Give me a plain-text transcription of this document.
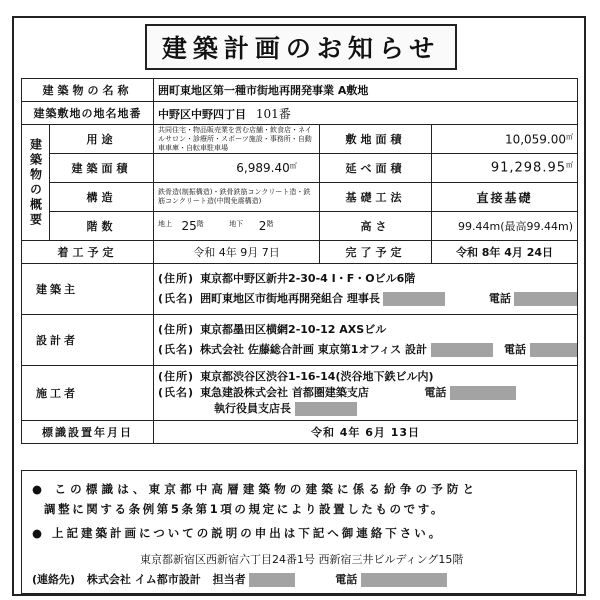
建築計画のお知らせ
建築物の名称		囲町東地区第一種市街地再開発事業 A敷地		
建築敷地の地名地番		中野区中野四丁目 101番		

建築物の概要	用途	共同住宅・物品販売業を営む店舗・飲食店・ネイルサロン・診療所・スポーツ施設・事務所・自動車車庫・自転車駐車場	敷地面積	10,059.00㎡
	建築面積	6,989.40㎡	延べ面積	91,298.95㎡
	構造	鉄骨造(制振構造)・鉄骨鉄筋コンクリート造・鉄筋コンクリート造(中間免震構造)	基礎工法	直接基礎
	階数	$^{地上}$ $25^階$ $^{地下}$ $2^階$	高さ	99.44m(最高99.44m)
着工予定		令和 4年 9月 7日	完了予定	令和 8年 4月 24日
建築主		(住所) 東京都中野区新井2-30-4 I・F・Oビル6階
(氏名) 囲町東地区市街地再開発組合 理事長 電話		

設計者		(住所) 東京都墨田区横網2-10-12 AXSビル
(氏名) 株式会社 佐藤総合計画 東京第1オフィス 設計 電話		

施工者		(住所) 東京都渋谷区渋谷1-16-14(渋谷地下鉄ビル内)
(氏名) 東急建設株式会社 首都圏建築支店 電話
執行役員支店長		

標識設置年月日		令和 4年 6月 13日		
● この標識は、東京都中高層建築物の建築に係る紛争の予防と
調整に関する条例第5条第1項の規定により設置したものです。
● 上記建築計画についての説明の申出は下記へ御連絡下さい。
東京都新宿区西新宿六丁目24番1号 西新宿三井ビルディング15階
(連絡先) 株式会社 イム都市設計 担当者	電話
